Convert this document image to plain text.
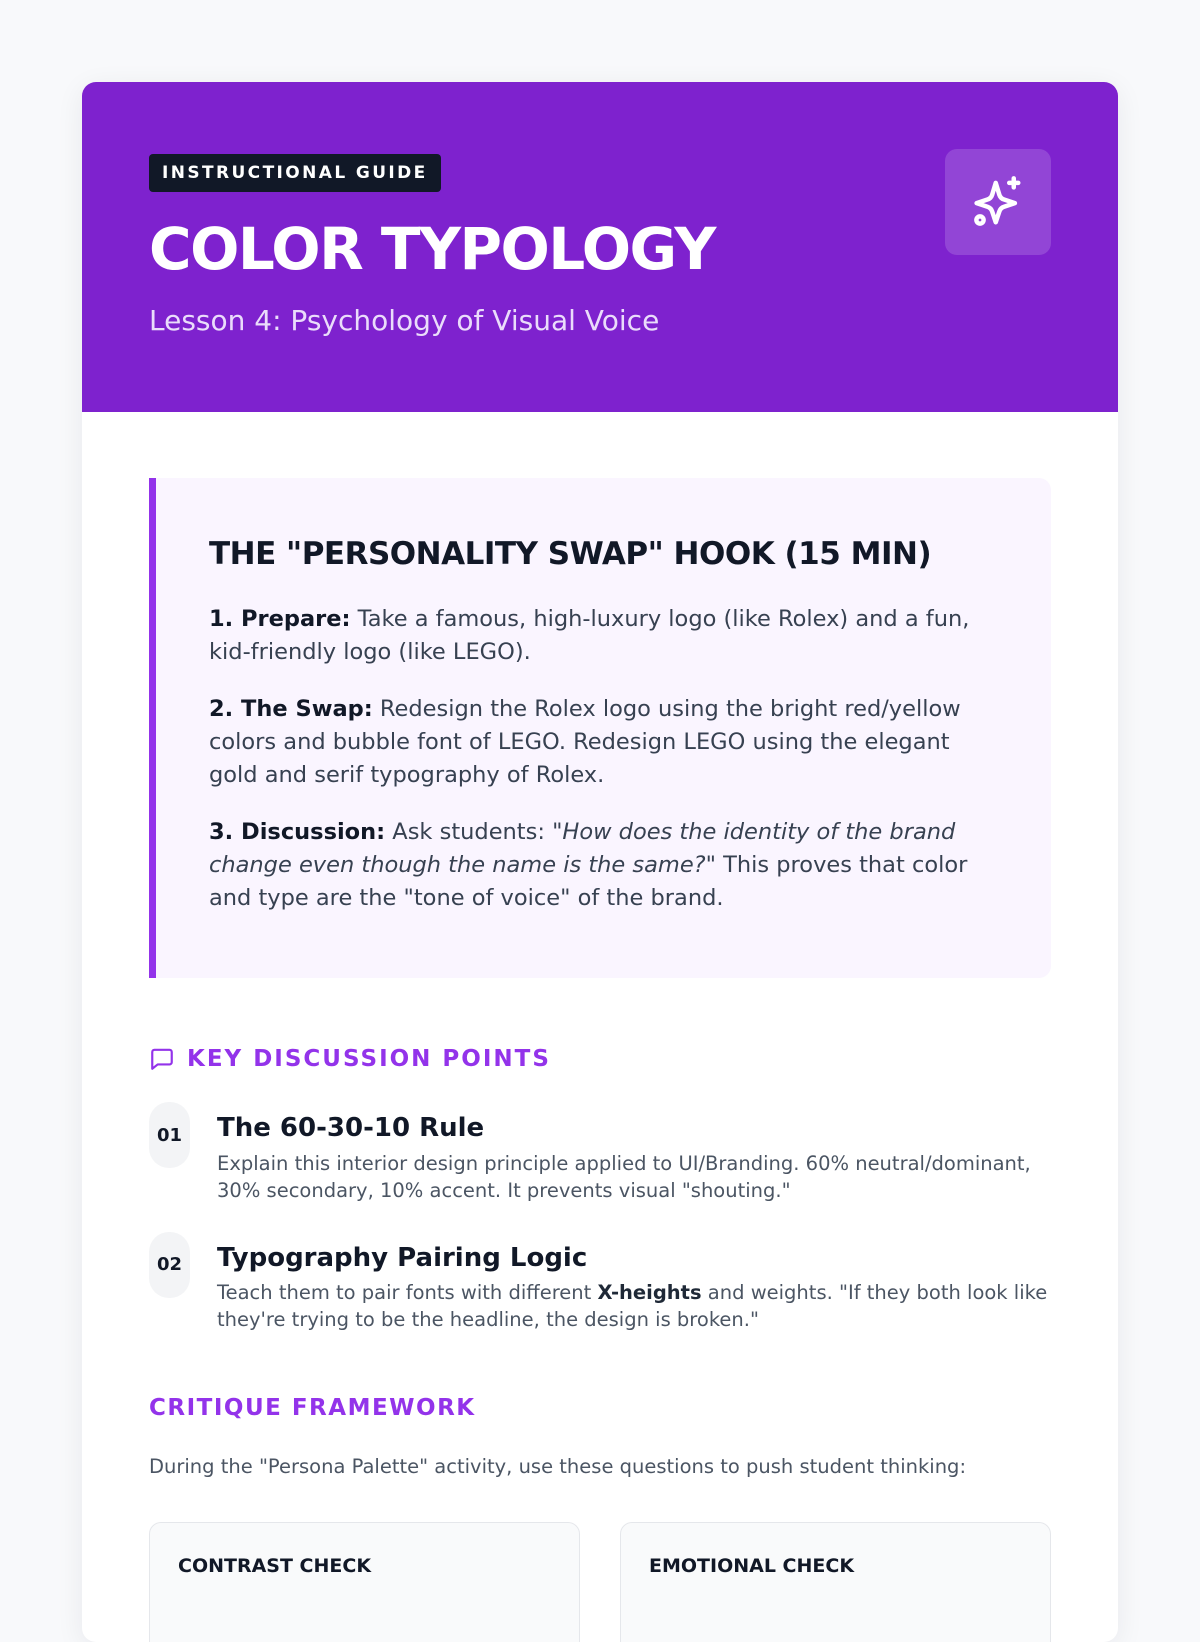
INSTRUCTIONAL GUIDE
COLOR TYPOLOGY
Lesson 4: Psychology of Visual Voice
THE "PERSONALITY SWAP" HOOK (15 MIN)

1. Prepare: Take a famous, high-luxury logo (like Rolex) and a fun, kid-friendly logo (like LEGO).

2. The Swap: Redesign the Rolex logo using the bright red/yellow colors and bubble font of LEGO. Redesign LEGO using the elegant gold and serif typography of Rolex.

3. Discussion: Ask students: "How does the identity of the brand change even though the name is the same?" This proves that color and type are the "tone of voice" of the brand.

KEY DISCUSSION POINTS
01	The 60-30-10 Rule
Explain this interior design principle applied to UI/Branding. 60% neutral/dominant, 30% secondary, 10% accent. It prevents visual "shouting."
02	Typography Pairing Logic
Teach them to pair fonts with different X-heights and weights. "If they both look like they're trying to be the headline, the design is broken."
CRITIQUE FRAMEWORK

During the "Persona Palette" activity, use these questions to push student thinking:

CONTRAST CHECK	EMOTIONAL CHECK
